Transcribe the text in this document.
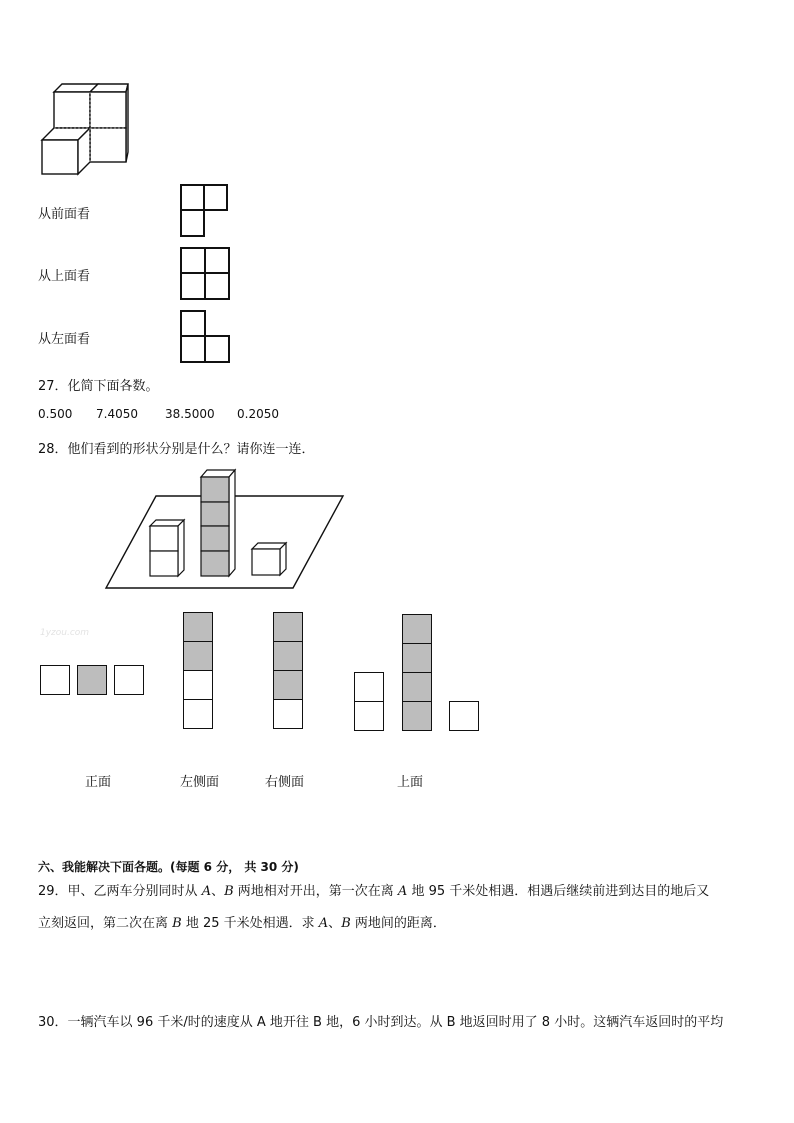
从前面看
从上面看
从左面看
27．化简下面各数。
0.500 7.4050 38.5000 0.2050
28．他们看到的形状分别是什么？请你连一连．
1yzou.com
正面	左侧面	右侧面	上面
六、我能解决下面各题。(每题 6 分， 共 30 分)
29．甲、乙两车分别同时从 A、B 两地相对开出，第一次在离 A 地 95 千米处相遇．相遇后继续前进到达目的地后又
立刻返回，第二次在离 B 地 25 千米处相遇．求 A、B 两地间的距离．
30．一辆汽车以 96 千米/时的速度从 A 地开往 B 地，6 小时到达。从 B 地返回时用了 8 小时。这辆汽车返回时的平均
